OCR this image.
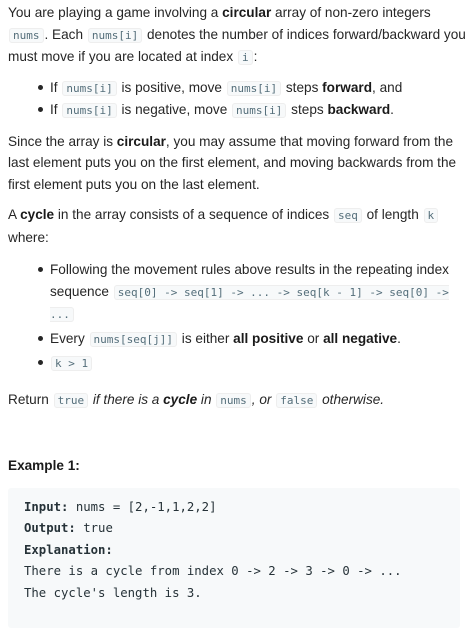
You are playing a game involving a circular array of non-zero integers nums . Each nums[i] denotes the number of indices forward/backward you must move if you are located at index i :

If nums[i] is positive, move nums[i] steps forward, and
If nums[i] is negative, move nums[i] steps backward.

Since the array is circular, you may assume that moving forward from the last element puts you on the first element, and moving backwards from the first element puts you on the last element.

A cycle in the array consists of a sequence of indices seq of length k where:

Following the movement rules above results in the repeating index sequence seq[0] -> seq[1] -> ... -> seq[k - 1] -> seq[0] -> ...
Every nums[seq[j]] is either all positive or all negative.
k > 1

Return true if there is a cycle in nums , or false otherwise.

Example 1:

Input: nums = [2,-1,1,2,2]
Output: true
Explanation:
There is a cycle from index 0 -> 2 -> 3 -> 0 -> ...
The cycle's length is 3.
